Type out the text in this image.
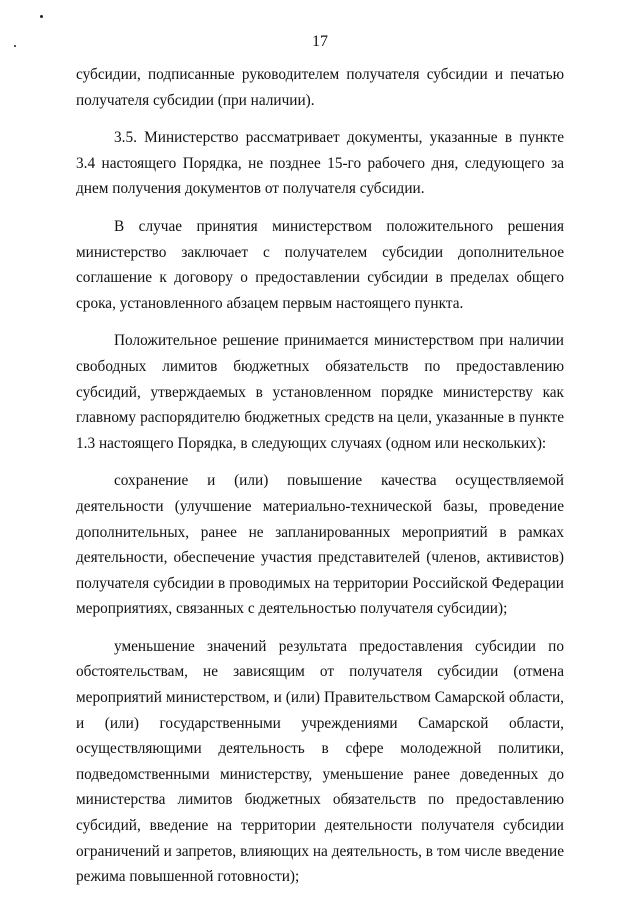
17

субсидии, подписанные руководителем получателя субсидии и печатью получателя субсидии (при наличии).

3.5. Министерство рассматривает документы, указанные в пункте 3.4 настоящего Порядка, не позднее 15-го рабочего дня, следующего за днем получения документов от получателя субсидии.

В случае принятия министерством положительного решения министерство заключает с получателем субсидии дополнительное соглашение к договору о предоставлении субсидии в пределах общего срока, установленного абзацем первым настоящего пункта.

Положительное решение принимается министерством при наличии свободных лимитов бюджетных обязательств по предоставлению субсидий, утверждаемых в установленном порядке министерству как главному распорядителю бюджетных средств на цели, указанные в пункте 1.3 настоящего Порядка, в следующих случаях (одном или нескольких):

сохранение и (или) повышение качества осуществляемой деятельности (улучшение материально-технической базы, проведение дополнительных, ранее не запланированных мероприятий в рамках деятельности, обеспечение участия представителей (членов, активистов) получателя субсидии в проводимых на территории Российской Федерации мероприятиях, связанных с деятельностью получателя субсидии);

уменьшение значений результата предоставления субсидии по обстоятельствам, не зависящим от получателя субсидии (отмена мероприятий министерством, и (или) Правительством Самарской области, и (или) государственными учреждениями Самарской области, осуществляющими деятельность в сфере молодежной политики, подведомственными министерству, уменьшение ранее доведенных до министерства лимитов бюджетных обязательств по предоставлению субсидий, введение на территории деятельности получателя субсидии ограничений и запретов, влияющих на деятельность, в том числе введение режима повышенной готовности);
